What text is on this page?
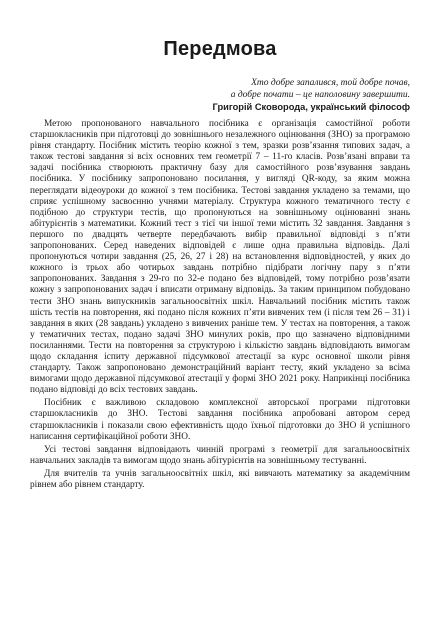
Передмова
Хто добре запалився, той добре почав,
а добре почати – це наполовину завершити.
Григорій Сковорода, український філософ

Метою пропонованого навчального посібника є організація самостійної роботи старшокласників при підготовці до зовнішнього незалежного оцінювання (ЗНО) за програмою рівня стандарту. Посібник містить теорію кожної з тем, зразки розв’язання типових задач, а також тестові завдання зі всіх основних тем геометрії 7 – 11-го класів. Розв’язані вправи та задачі посібника створюють практичну базу для самостійного розв’язування завдань посібника. У посібнику запропоновано посилання, у вигляді QR-коду, за яким можна переглядати відеоуроки до кожної з тем посібника. Тестові завдання укладено за темами, що сприяє успішному засвоєнню учнями матеріалу. Структура кожного тематичного тесту є подібною до структури тестів, що пропонуються на зовнішньому оцінюванні знань абітурієнтів з математики. Кожний тест з тієї чи іншої теми містить 32 завдання. Завдання з першого по двадцять четверте передбачають вибір правильної відповіді з п’яти запропонованих. Серед наведених відповідей є лише одна правильна відповідь. Далі пропонуються чотири завдання (25, 26, 27 і 28) на встановлення відповідностей, у яких до кожного із трьох або чотирьох завдань потрібно підібрати логічну пару з п’яти запропонованих. Завдання з 29-го по 32-е подано без відповідей, тому потрібно розв’язати кожну з запропонованих задач і вписати отриману відповідь. За таким принципом побудовано тести ЗНО знань випускників загальноосвітніх шкіл. Навчальний посібник містить також шість тестів на повторення, які подано після кожних п’яти вивчених тем (і після тем 26 – 31) і завдання в яких (28 завдань) укладено з вивчених раніше тем. У тестах на повторення, а також у тематичних тестах, подано задачі ЗНО минулих років, про що зазначено відповідними посиланнями. Тести на повторення за структурою і кількістю завдань відповідають вимогам щодо складання іспиту державної підсумкової атестації за курс основної школи рівня стандарту. Також запропоновано демонстраційний варіант тесту, який укладено за всіма вимогами щодо державної підсумкової атестації у формі ЗНО 2021 року. Наприкінці посібника подано відповіді до всіх тестових завдань.

Посібник є важливою складовою комплексної авторської програми підготовки старшокласників до ЗНО. Тестові завдання посібника апробовані автором серед старшокласників і показали свою ефективність щодо їхньої підготовки до ЗНО й успішного написання сертифікаційної роботи ЗНО.

Усі тестові завдання відповідають чинній програмі з геометрії для загальноосвітніх навчальних закладів та вимогам щодо знань абітурієнтів на зовнішньому тестуванні.

Для вчителів та учнів загальноосвітніх шкіл, які вивчають математику за академічним рівнем або рівнем стандарту.
